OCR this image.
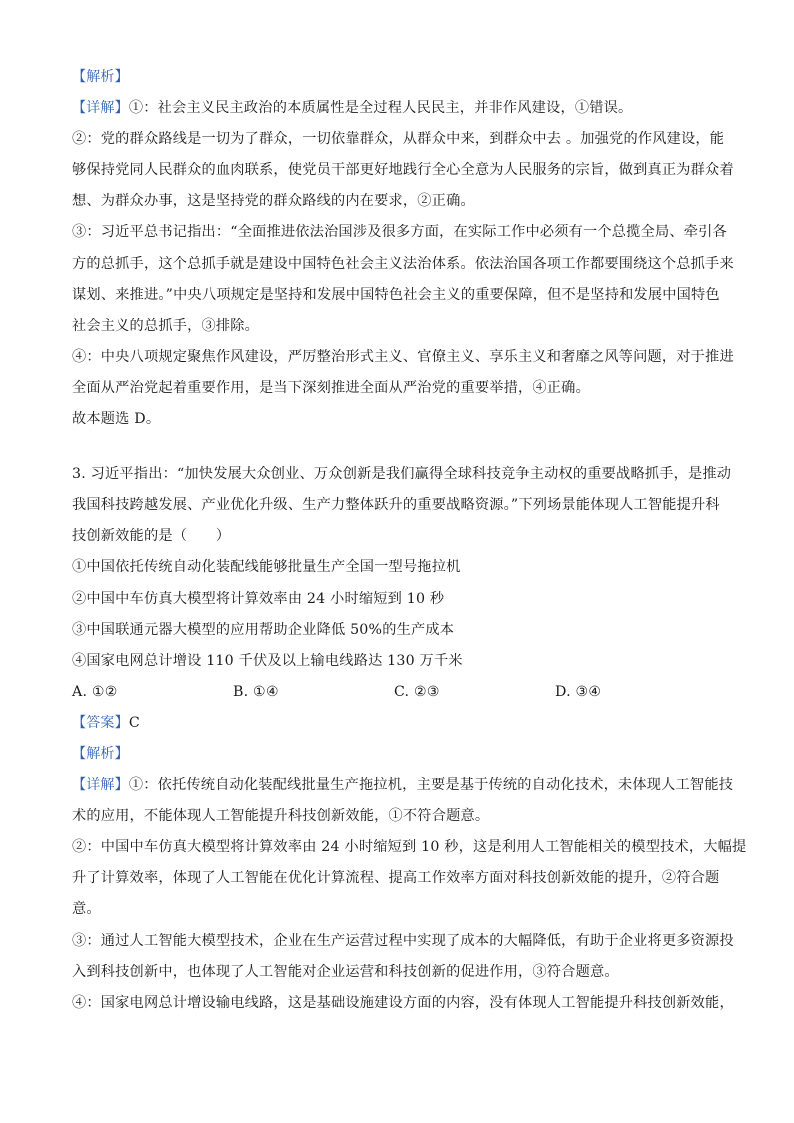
【解析】
【详解】①：社会主义民主政治的本质属性是全过程人民民主，并非作风建设，①错误。
②：党的群众路线是一切为了群众，一切依靠群众，从群众中来，到群众中去 。加强党的作风建设，能
够保持党同人民群众的血肉联系，使党员干部更好地践行全心全意为人民服务的宗旨，做到真正为群众着
想、为群众办事，这是坚持党的群众路线的内在要求，②正确。
③：习近平总书记指出：“全面推进依法治国涉及很多方面，在实际工作中必须有一个总揽全局、牵引各
方的总抓手，这个总抓手就是建设中国特色社会主义法治体系。依法治国各项工作都要围绕这个总抓手来
谋划、来推进。”中央八项规定是坚持和发展中国特色社会主义的重要保障，但不是坚持和发展中国特色
社会主义的总抓手，③排除。
④：中央八项规定聚焦作风建设，严厉整治形式主义、官僚主义、享乐主义和奢靡之风等问题，对于推进
全面从严治党起着重要作用，是当下深刻推进全面从严治党的重要举措，④正确。
故本题选 D。
3. 习近平指出：“加快发展大众创业、万众创新是我们赢得全球科技竞争主动权的重要战略抓手，是推动
我国科技跨越发展、产业优化升级、生产力整体跃升的重要战略资源。”下列场景能体现人工智能提升科
技创新效能的是（　　）
①中国依托传统自动化装配线能够批量生产全国一型号拖拉机
②中国中车仿真大模型将计算效率由 24 小时缩短到 10 秒
③中国联通元器大模型的应用帮助企业降低 50%的生产成本
④国家电网总计增设 110 千伏及以上输电线路达 130 万千米
A. ①②	B. ①④	C. ②③	D. ③④
【答案】C
【解析】
【详解】①：依托传统自动化装配线批量生产拖拉机，主要是基于传统的自动化技术，未体现人工智能技
术的应用，不能体现人工智能提升科技创新效能，①不符合题意。
②：中国中车仿真大模型将计算效率由 24 小时缩短到 10 秒，这是利用人工智能相关的模型技术，大幅提
升了计算效率，体现了人工智能在优化计算流程、提高工作效率方面对科技创新效能的提升，②符合题
意。
③：通过人工智能大模型技术，企业在生产运营过程中实现了成本的大幅降低，有助于企业将更多资源投
入到科技创新中，也体现了人工智能对企业运营和科技创新的促进作用，③符合题意。
④：国家电网总计增设输电线路，这是基础设施建设方面的内容，没有体现人工智能提升科技创新效能，
